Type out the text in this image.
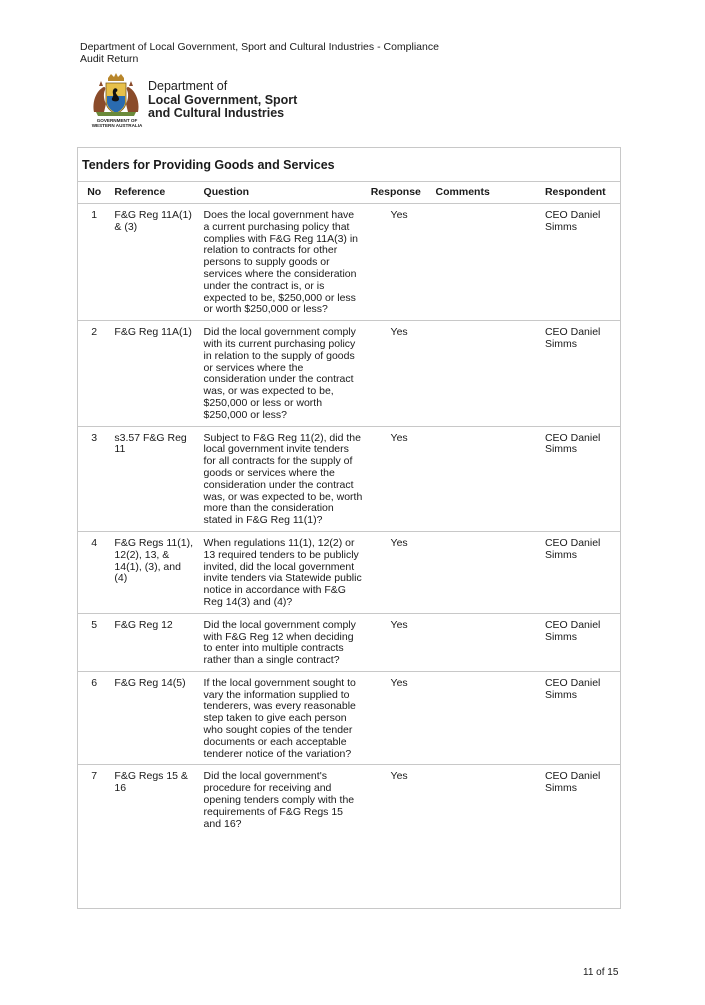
Department of Local Government, Sport and Cultural Industries - Compliance Audit Return
GOVERNMENT OF
WESTERN AUSTRALIA
Department of
Local Government, Sport
and Cultural Industries
Tenders for Providing Goods and Services
No	Reference	Question	Response	Comments	Respondent
1	F&G Reg 11A(1) & (3)	Does the local government have a current purchasing policy that complies with F&G Reg 11A(3) in relation to contracts for other persons to supply goods or services where the consideration under the contract is, or is expected to be, $250,000 or less or worth $250,000 or less?	Yes		CEO Daniel Simms
2	F&G Reg 11A(1)	Did the local government comply with its current purchasing policy in relation to the supply of goods or services where the consideration under the contract was, or was expected to be, $250,000 or less or worth $250,000 or less?	Yes		CEO Daniel Simms
3	s3.57 F&G Reg 11	Subject to F&G Reg 11(2), did the local government invite tenders for all contracts for the supply of goods or services where the consideration under the contract was, or was expected to be, worth more than the consideration stated in F&G Reg 11(1)?	Yes		CEO Daniel Simms
4	F&G Regs 11(1), 12(2), 13, & 14(1), (3), and (4)	When regulations 11(1), 12(2) or 13 required tenders to be publicly invited, did the local government invite tenders via Statewide public notice in accordance with F&G Reg 14(3) and (4)?	Yes		CEO Daniel Simms
5	F&G Reg 12	Did the local government comply with F&G Reg 12 when deciding to enter into multiple contracts rather than a single contract?	Yes		CEO Daniel Simms
6	F&G Reg 14(5)	If the local government sought to vary the information supplied to tenderers, was every reasonable step taken to give each person who sought copies of the tender documents or each acceptable tenderer notice of the variation?	Yes		CEO Daniel Simms
7	F&G Regs 15 & 16	Did the local government's procedure for receiving and opening tenders comply with the requirements of F&G Regs 15 and 16?	Yes		CEO Daniel Simms
11 of 15
